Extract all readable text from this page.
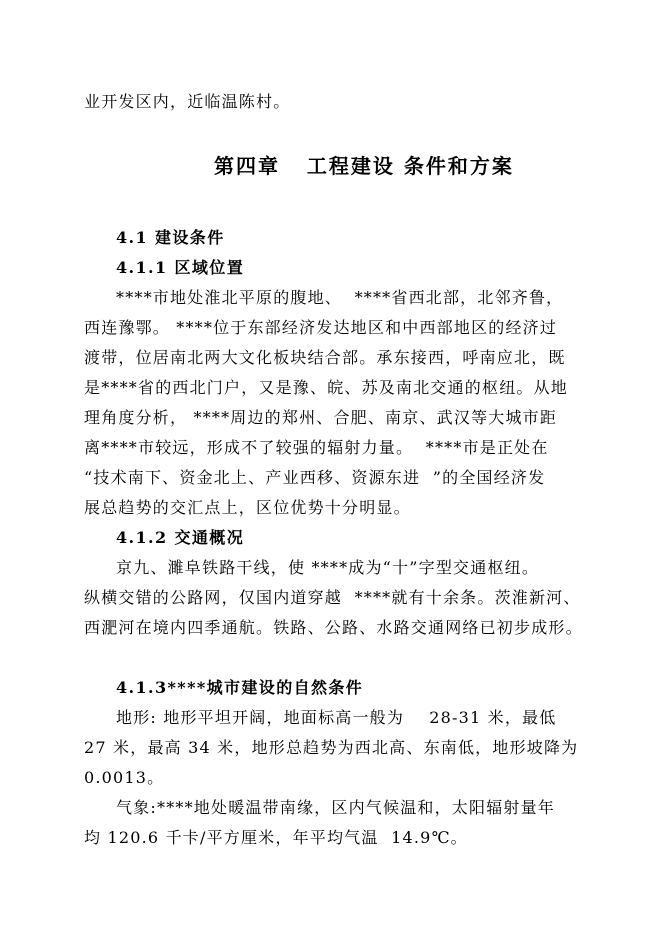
业开发区内，近临温陈村。
第四章   工程建设 条件和方案
4.1 建设条件
4.1.1 区域位置
****市地处淮北平原的腹地、  ****省西北部，北邻齐鲁，
西连豫鄂。 ****位于东部经济发达地区和中西部地区的经济过
渡带，位居南北两大文化板块结合部。承东接西，呼南应北，既
是****省的西北门户，又是豫、皖、苏及南北交通的枢纽。从地
理角度分析， ****周边的郑州、合肥、南京、武汉等大城市距
离****市较远，形成不了较强的辐射力量。  ****市是正处在
“技术南下、资金北上、产业西移、资源东进  ”的全国经济发
展总趋势的交汇点上，区位优势十分明显。
4.1.2 交通概况
京九、濉阜铁路干线，使 ****成为“十”字型交通枢纽。
纵横交错的公路网，仅国内道穿越  ****就有十余条。茨淮新河、
西淝河在境内四季通航。铁路、公路、水路交通网络已初步成形。
4.1.3****城市建设的自然条件
地形: 地形平坦开阔，地面标高一般为    28-31 米，最低
27 米，最高 34 米，地形总趋势为西北高、东南低，地形坡降为
0.0013。
气象:****地处暖温带南缘，区内气候温和，太阳辐射量年
均 120.6 千卡/平方厘米，年平均气温  14.9℃。
